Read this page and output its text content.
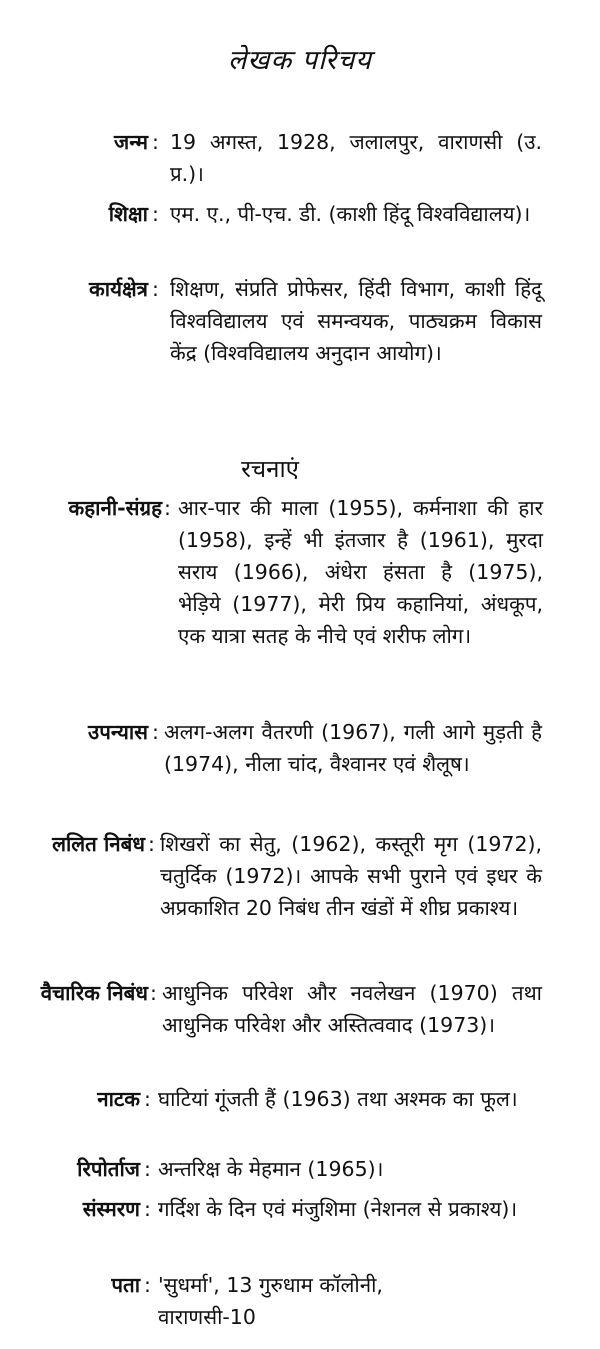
लेखक परिचय
जन्म : 19 अगस्त, 1928, जलालपुर, वाराणसी (उ. प्र.)।
शिक्षा : एम. ए., पी-एच. डी. (काशी हिंदू विश्वविद्यालय)।
कार्यक्षेत्र : शिक्षण, संप्रति प्रोफेसर, हिंदी विभाग, काशी हिंदू विश्वविद्यालय एवं समन्वयक, पाठ्यक्रम विकास केंद्र (विश्वविद्यालय अनुदान आयोग)।
रचनाएं
कहानी-संग्रह : आर-पार की माला (1955), कर्मनाशा की हार (1958), इन्हें भी इंतजार है (1961), मुरदा सराय (1966), अंधेरा हंसता है (1975), भेड़िये (1977), मेरी प्रिय कहानियां, अंधकूप, एक यात्रा सतह के नीचे एवं शरीफ लोग।
उपन्यास : अलग-अलग वैतरणी (1967), गली आगे मुड़ती है (1974), नीला चांद, वैश्वानर एवं शैलूष।
ललित निबंध : शिखरों का सेतु, (1962), कस्तूरी मृग (1972), चतुर्दिक (1972)। आपके सभी पुराने एवं इधर के अप्रकाशित 20 निबंध तीन खंडों में शीघ्र प्रकाश्य।
वैचारिक निबंध : आधुनिक परिवेश और नवलेखन (1970) तथा आधुनिक परिवेश और अस्तित्ववाद (1973)।
नाटक : घाटियां गूंजती हैं (1963) तथा अश्मक का फूल।
रिपोर्ताज : अन्तरिक्ष के मेहमान (1965)।
संस्मरण : गर्दिश के दिन एवं मंजुशिमा (नेशनल से प्रकाश्य)।
पता : 'सुधर्मा', 13 गुरुधाम कॉलोनी, वाराणसी-10
